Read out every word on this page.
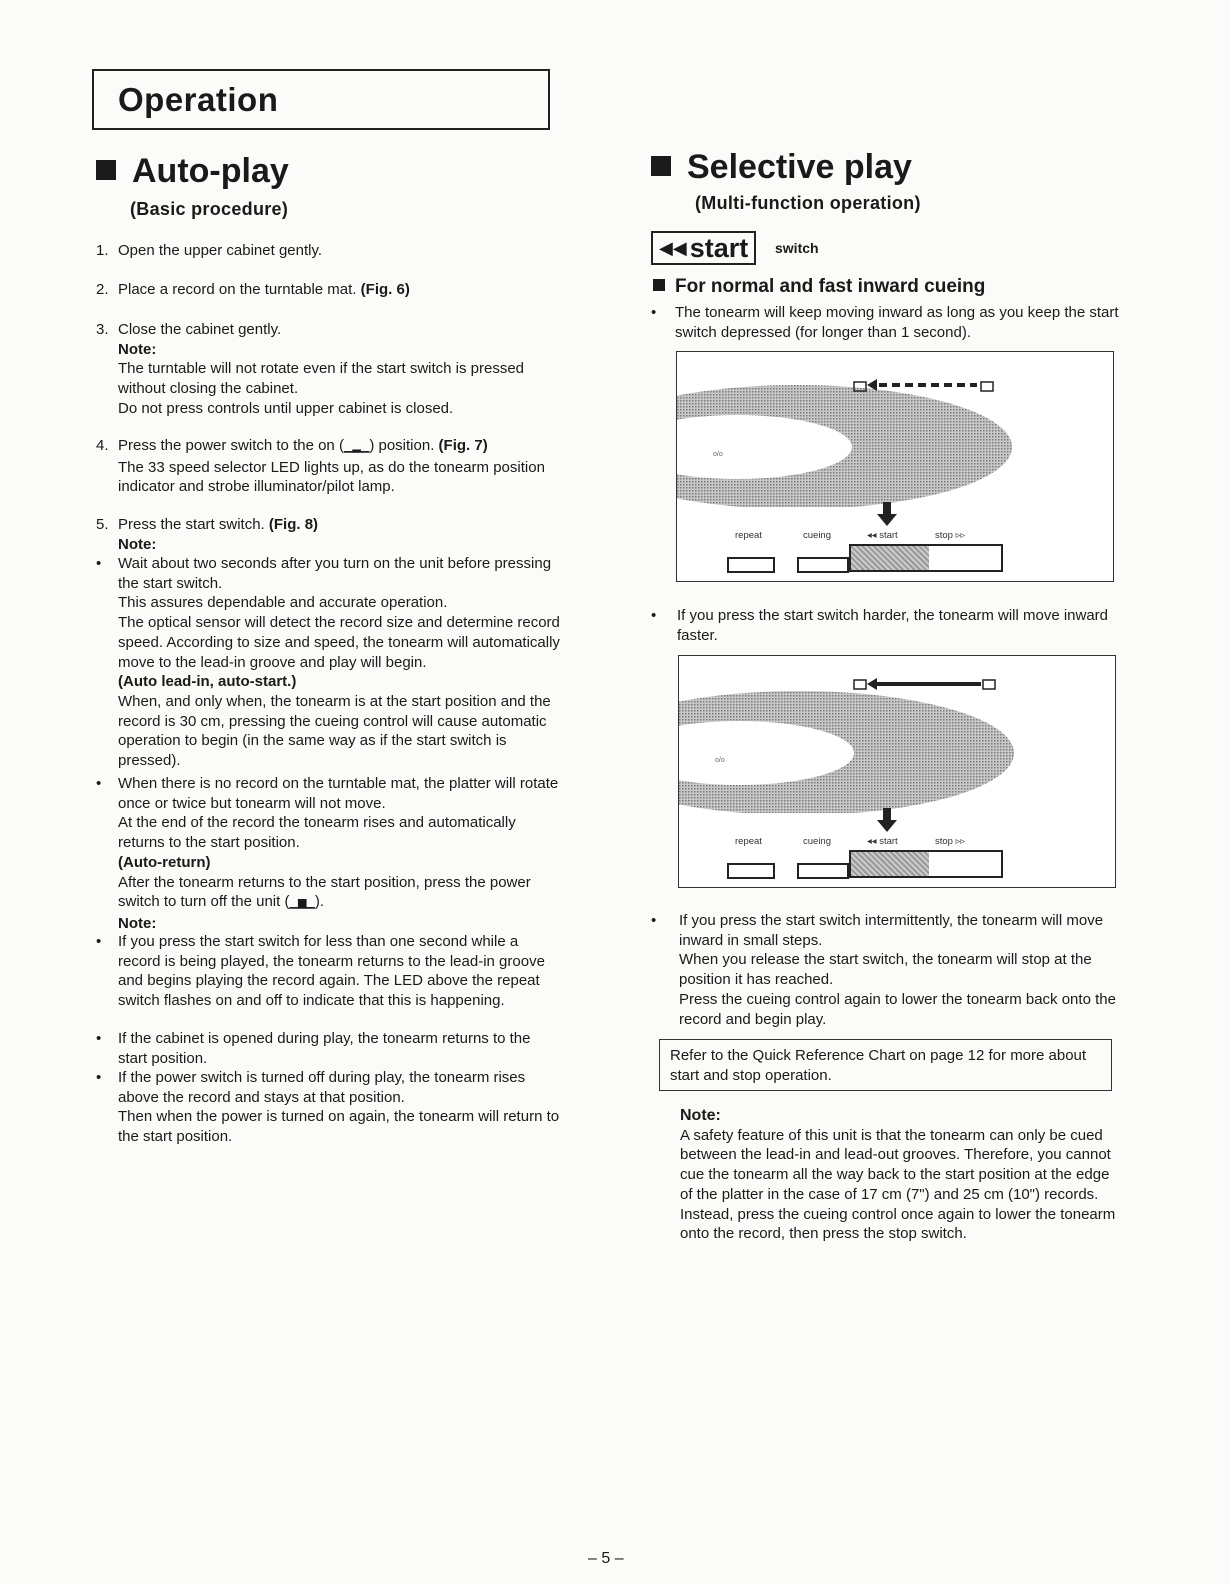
Operation
Auto-play
(Basic procedure)
1. Open the upper cabinet gently.
2. Place a record on the turntable mat. (Fig. 6)
3. Close the cabinet gently.
Note:
The turntable will not rotate even if the start switch is pressed without closing the cabinet.
Do not press controls until upper cabinet is closed.
4. Press the power switch to the on (▁▂▁) position. (Fig. 7)
The 33 speed selector LED lights up, as do the tonearm position indicator and strobe illuminator/pilot lamp.
5. Press the start switch. (Fig. 8)
Note:
• Wait about two seconds after you turn on the unit before pressing the start switch.
This assures dependable and accurate operation.
The optical sensor will detect the record size and determine record speed. According to size and speed, the tonearm will automatically move to the lead-in groove and play will begin.
(Auto lead-in, auto-start.)
When, and only when, the tonearm is at the start position and the record is 30 cm, pressing the cueing control will cause automatic operation to begin (in the same way as if the start switch is pressed).
• When there is no record on the turntable mat, the platter will rotate once or twice but tonearm will not move.
At the end of the record the tonearm rises and automatically returns to the start position.
(Auto-return)
After the tonearm returns to the start position, press the power switch to turn off the unit (▁▆▁).
Note:
• If you press the start switch for less than one second while a record is being played, the tonearm returns to the lead-in groove and begins playing the record again. The LED above the repeat switch flashes on and off to indicate that this is happening.
• If the cabinet is opened during play, the tonearm returns to the start position.
• If the power switch is turned off during play, the tonearm rises above the record and stays at that position.
Then when the power is turned on again, the tonearm will return to the start position.
Selective play
(Multi-function operation)
◀◀ start switch
For normal and fast inward cueing
• The tonearm will keep moving inward as long as you keep the start switch depressed (for longer than 1 second).
o/o
repeat	cueing	◂◂ start	stop ▹▹
• If you press the start switch harder, the tonearm will move inward faster.
o/o
repeat	cueing	◂◂ start	stop ▹▹
• If you press the start switch intermittently, the tonearm will move inward in small steps.
When you release the start switch, the tonearm will stop at the position it has reached.
Press the cueing control again to lower the tonearm back onto the record and begin play.
Refer to the Quick Reference Chart on page 12 for more about start and stop operation.
Note:
A safety feature of this unit is that the tonearm can only be cued between the lead-in and lead-out grooves. Therefore, you cannot cue the tonearm all the way back to the start position at the edge of the platter in the case of 17 cm (7") and 25 cm (10") records. Instead, press the cueing control once again to lower the tonearm onto the record, then press the stop switch.
– 5 –
